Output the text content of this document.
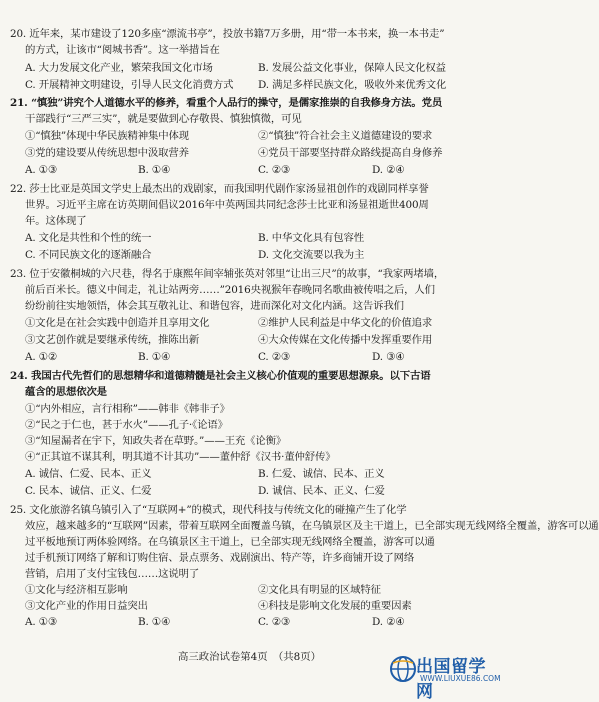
20. 近年来，某市建设了120多座“漂流书亭”，投放书籍7万多册，用“带一本书来，换一本书走”
的方式，让该市“阅城书香”。这一举措旨在
A. 大力发展文化产业，繁荣我国文化市场	B. 发展公益文化事业，保障人民文化权益
C. 开展精神文明建设，引导人民文化消费方式 D. 满足多样民族文化，吸收外来优秀文化
21. “慎独”讲究个人道德水平的修养，看重个人品行的操守，是儒家推崇的自我修身方法。党员
干部践行“三严三实”，就是要做到心存敬畏、慎独慎微，可见
①“慎独”体现中华民族精神集中体现	②“慎独”符合社会主义道德建设的要求
③党的建设要从传统思想中汲取营养	④党员干部要坚持群众路线提高自身修养
A. ①③	B. ①④	C. ②③	D. ②④
22. 莎士比亚是英国文学史上最杰出的戏剧家，而我国明代剧作家汤显祖创作的戏剧同样享誉
世界。习近平主席在访英期间倡议2016年中英两国共同纪念莎士比亚和汤显祖逝世400周
年。这体现了
A. 文化是共性和个性的统一	B. 中华文化具有包容性
C. 不同民族文化的逐渐融合	D. 文化交流要以我为主
23. 位于安徽桐城的六尺巷，得名于康熙年间宰辅张英对邻里“让出三尺”的故事，“我家两堵墙，
前后百米长。德义中间走，礼让站两旁……”2016央视猴年春晚同名歌曲被传唱之后，人们
纷纷前往实地领悟，体会其互敬礼让、和谐包容，进而深化对文化内涵。这告诉我们
①文化是在社会实践中创造并且享用文化	②维护人民利益是中华文化的价值追求
③文艺创作就是要继承传统，推陈出新	④大众传媒在文化传播中发挥重要作用
A. ①②	B. ①④	C. ②③	D. ③④
24. 我国古代先哲们的思想精华和道德精髓是社会主义核心价值观的重要思想源泉。以下古语
蕴含的思想依次是
①“内外相应，言行相称”——韩非《韩非子》
②“民之于仁也，甚于水火”——孔子·《论语》
③“知屋漏者在宇下，知政失者在草野。”——王充《论衡》
④“正其谊不谋其利，明其道不计其功”——董仲舒《汉书·董仲舒传》
A. 诚信、仁爱、民本、正义	B. 仁爱、诚信、民本、正义
C. 民本、诚信、正义、仁爱	D. 诚信、民本、正义、仁爱
25. 文化旅游名镇乌镇引入了“互联网+”的模式，现代科技与传统文化的碰撞产生了化学
效应，越来越多的“互联网”因素，带着互联网全面覆盖乌镇，在乌镇景区及主干道上，已全部实现无线网络全覆盖，游客可以通
过平板地预订两体验网络。在乌镇景区主干道上，已全部实现无线网络全覆盖，游客可以通
过手机预订网络了解和订购住宿、景点票务、戏剧演出、特产等，许多商铺开设了网络
营销，启用了支付宝钱包……这说明了
①文化与经济相互影响	②文化具有明显的区域特征
③文化产业的作用日益突出	④科技是影响文化发展的重要因素
A. ①③	B. ①④	C. ②③	D. ②④
高三政治试卷第4页　（共8页）	出国留学网
WWW.LIUXUE86.COM
